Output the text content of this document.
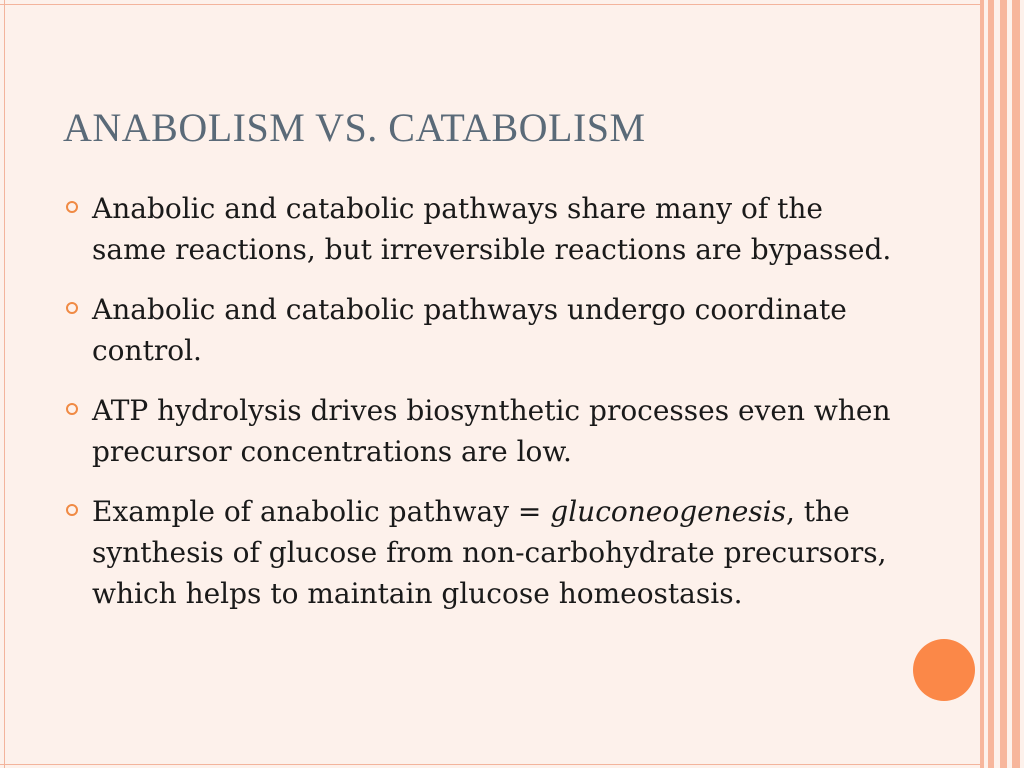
ANABOLISM VS. CATABOLISM
Anabolic and catabolic pathways share many of the same reactions, but irreversible reactions are bypassed.
Anabolic and catabolic pathways undergo coordinate control.
ATP hydrolysis drives biosynthetic processes even when precursor concentrations are low.
Example of anabolic pathway = gluconeogenesis, the synthesis of glucose from non-carbohydrate precursors, which helps to maintain glucose homeostasis.
